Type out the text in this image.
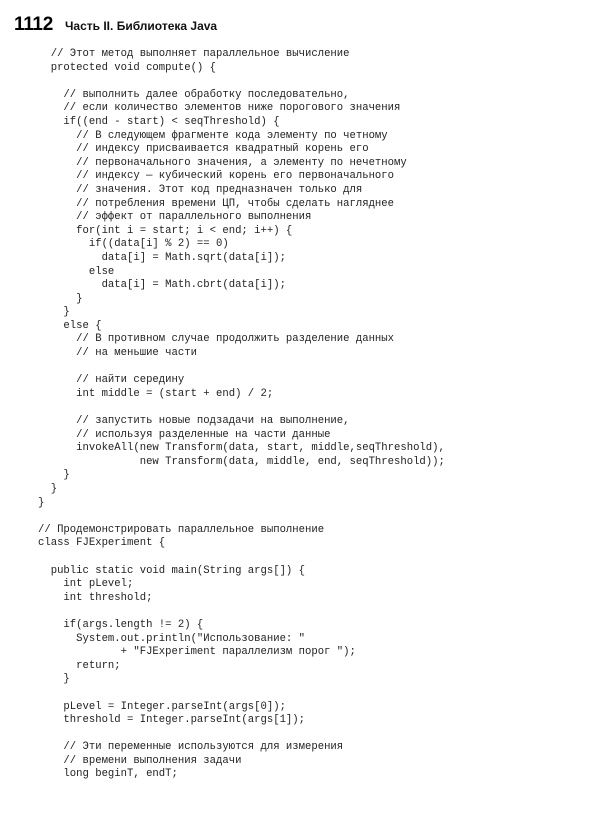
1112 Часть II. Библиотека Java
// Этот метод выполняет параллельное вычисление
protected void compute() {
// выполнить далее обработку последовательно,
// если количество элементов ниже порогового значения
if((end - start) < seqThreshold) {
// В следующем фрагменте кода элементу по четному
// индексу присваивается квадратный корень его
// первоначального значения, а элементу по нечетному
// индексу — кубический корень его первоначального
// значения. Этот код предназначен только для
// потребления времени ЦП, чтобы сделать нагляднее
// эффект от параллельного выполнения
for(int i = start; i < end; i++) {
if((data[i] % 2) == 0)
data[i] = Math.sqrt(data[i]);
else
data[i] = Math.cbrt(data[i]);
}
}
else {
// В противном случае продолжить разделение данных
// на меньшие части
// найти середину
int middle = (start + end) / 2;
// запустить новые подзадачи на выполнение,
// используя разделенные на части данные
invokeAll(new Transform(data, start, middle,seqThreshold),
new Transform(data, middle, end, seqThreshold));
}
}
}
// Продемонстрировать параллельное выполнение
class FJExperiment {
public static void main(String args[]) {
int pLevel;
int threshold;
if(args.length != 2) {
System.out.println("Использование: "
+ "FJExperiment параллелизм порог ");
return;
}
pLevel = Integer.parseInt(args[0]);
threshold = Integer.parseInt(args[1]);
// Эти переменные используются для измерения
// времени выполнения задачи
long beginT, endT;
